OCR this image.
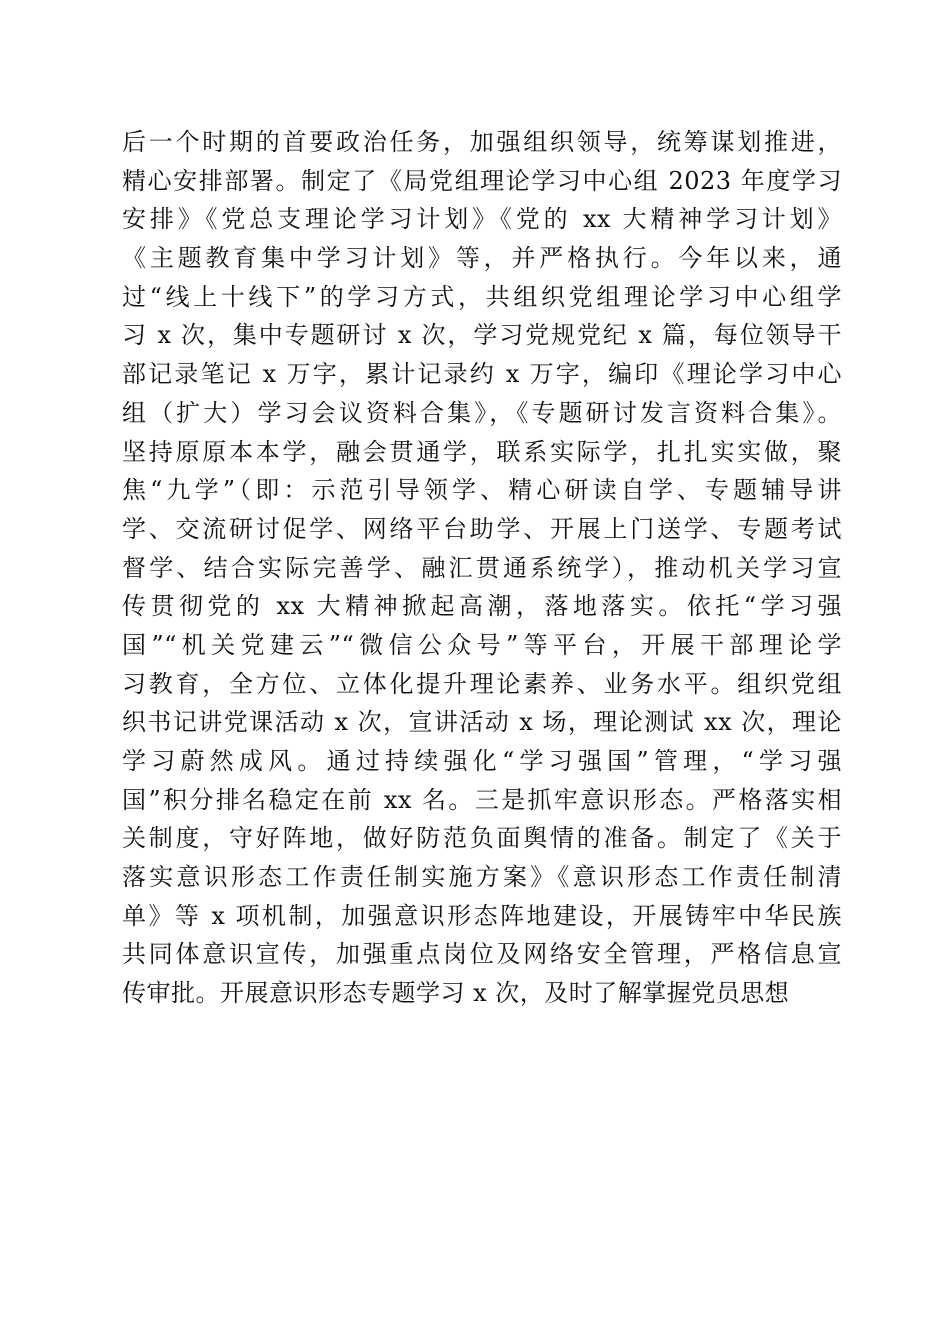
后一个时期的首要政治任务，加强组织领导，统筹谋划推进，
精心安排部署。制定了《局党组理论学习中心组 2023 年度学习
安排》《党总支理论学习计划》《党的 xx 大精神学习计划》
《主题教育集中学习计划》等，并严格执行。今年以来，通
过“线上十线下”的学习方式，共组织党组理论学习中心组学
习 x 次，集中专题研讨 x 次，学习党规党纪 x 篇，每位领导干
部记录笔记 x 万字，累计记录约 x 万字，编印《理论学习中心
组（扩大）学习会议资料合集》，《专题研讨发言资料合集》。
坚持原原本本学，融会贯通学，联系实际学，扎扎实实做，聚
焦“九学”（即：示范引导领学、精心研读自学、专题辅导讲
学、交流研讨促学、网络平台助学、开展上门送学、专题考试
督学、结合实际完善学、融汇贯通系统学），推动机关学习宣
传贯彻党的 xx 大精神掀起高潮，落地落实。依托“学习强
国”“机关党建云”“微信公众号”等平台，开展干部理论学
习教育，全方位、立体化提升理论素养、业务水平。组织党组
织书记讲党课活动 x 次，宣讲活动 x 场，理论测试 xx 次，理论
学习蔚然成风。通过持续强化“学习强国”管理，“学习强
国”积分排名稳定在前 xx 名。三是抓牢意识形态。严格落实相
关制度，守好阵地，做好防范负面舆情的准备。制定了《关于
落实意识形态工作责任制实施方案》《意识形态工作责任制清
单》等 x 项机制，加强意识形态阵地建设，开展铸牢中华民族
共同体意识宣传，加强重点岗位及网络安全管理，严格信息宣
传审批。开展意识形态专题学习 x 次，及时了解掌握党员思想
